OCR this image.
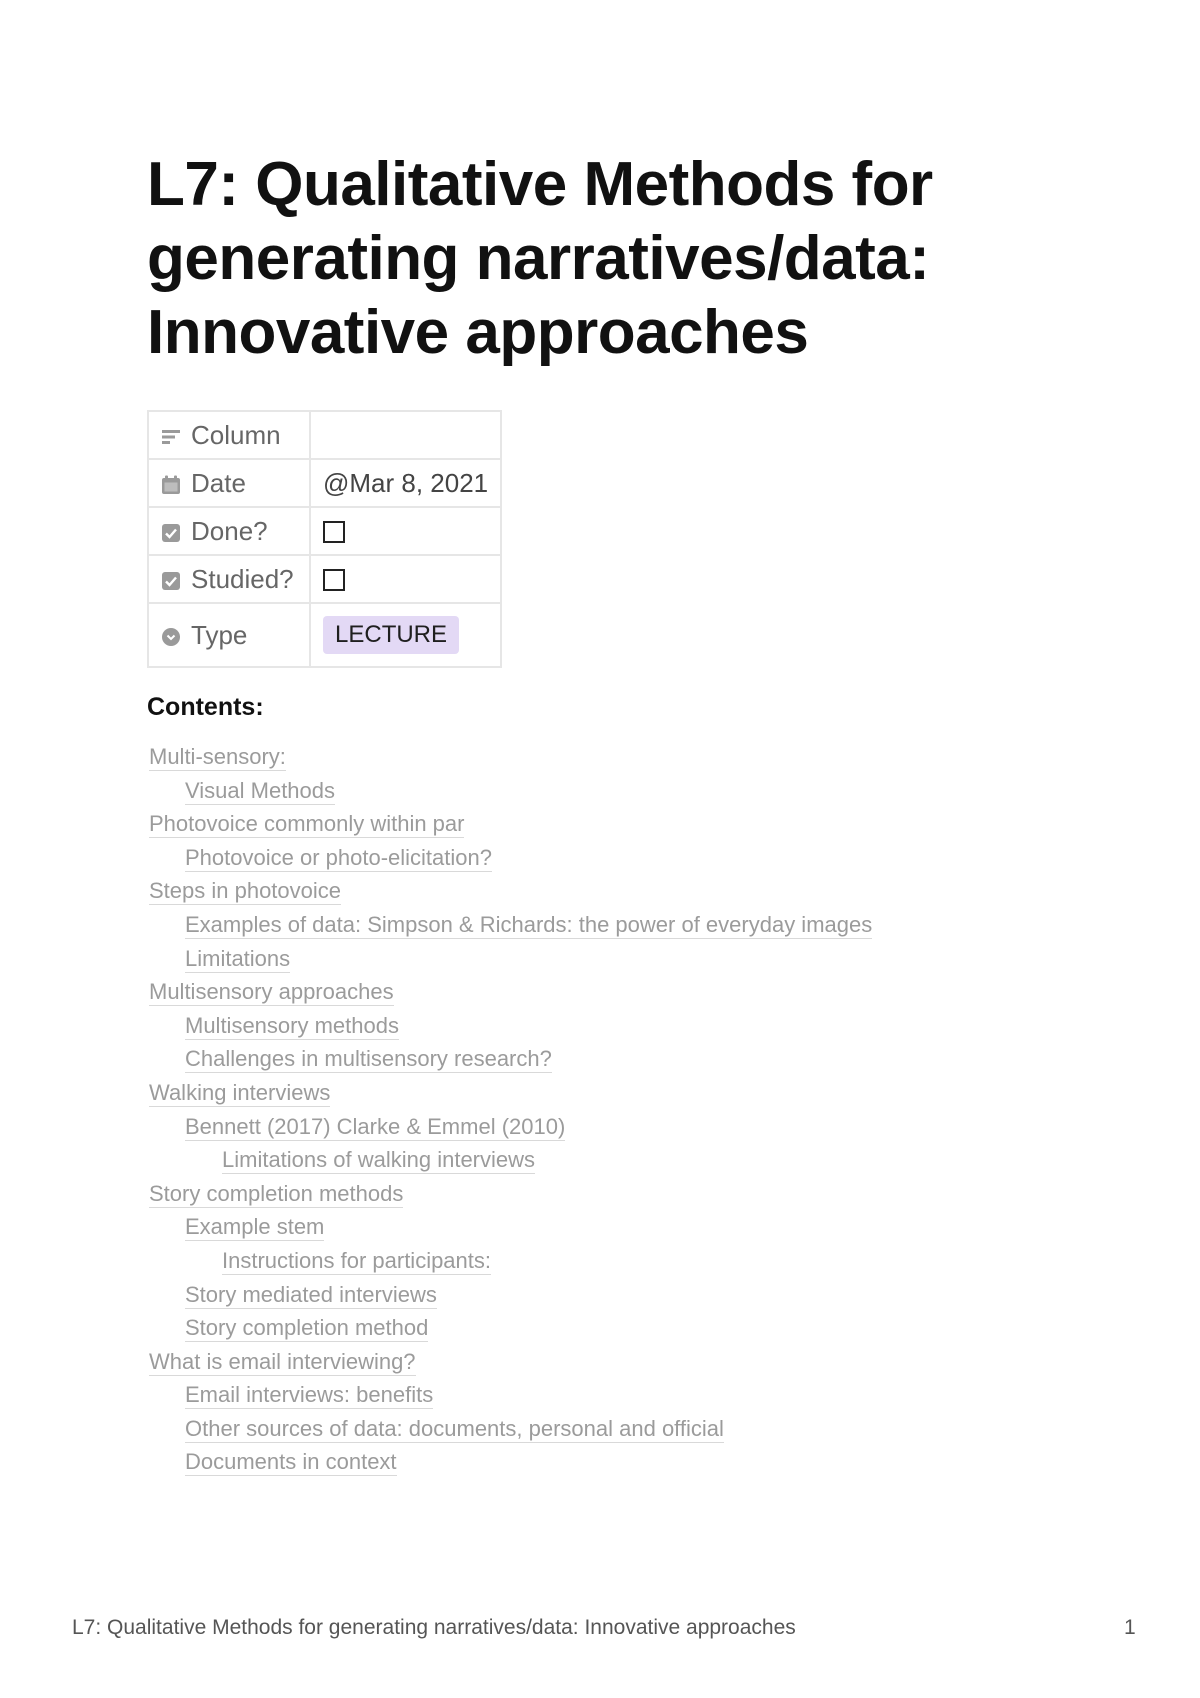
L7: Qualitative Methods for generating narratives/data: Innovative approaches
Column	

Date	@Mar 8, 2021

Done?	

Studied?	

Type	LECTURE
Contents:
Multi-sensory:
Visual Methods
Photovoice commonly within par
Photovoice or photo-elicitation?
Steps in photovoice
Examples of data: Simpson & Richards: the power of everyday images
Limitations
Multisensory approaches
Multisensory methods
Challenges in multisensory research?
Walking interviews
Bennett (2017) Clarke & Emmel (2010)
Limitations of walking interviews
Story completion methods
Example stem
Instructions for participants:
Story mediated interviews
Story completion method
What is email interviewing?
Email interviews: benefits
Other sources of data: documents, personal and official
Documents in context
L7: Qualitative Methods for generating narratives/data: Innovative approaches	1
